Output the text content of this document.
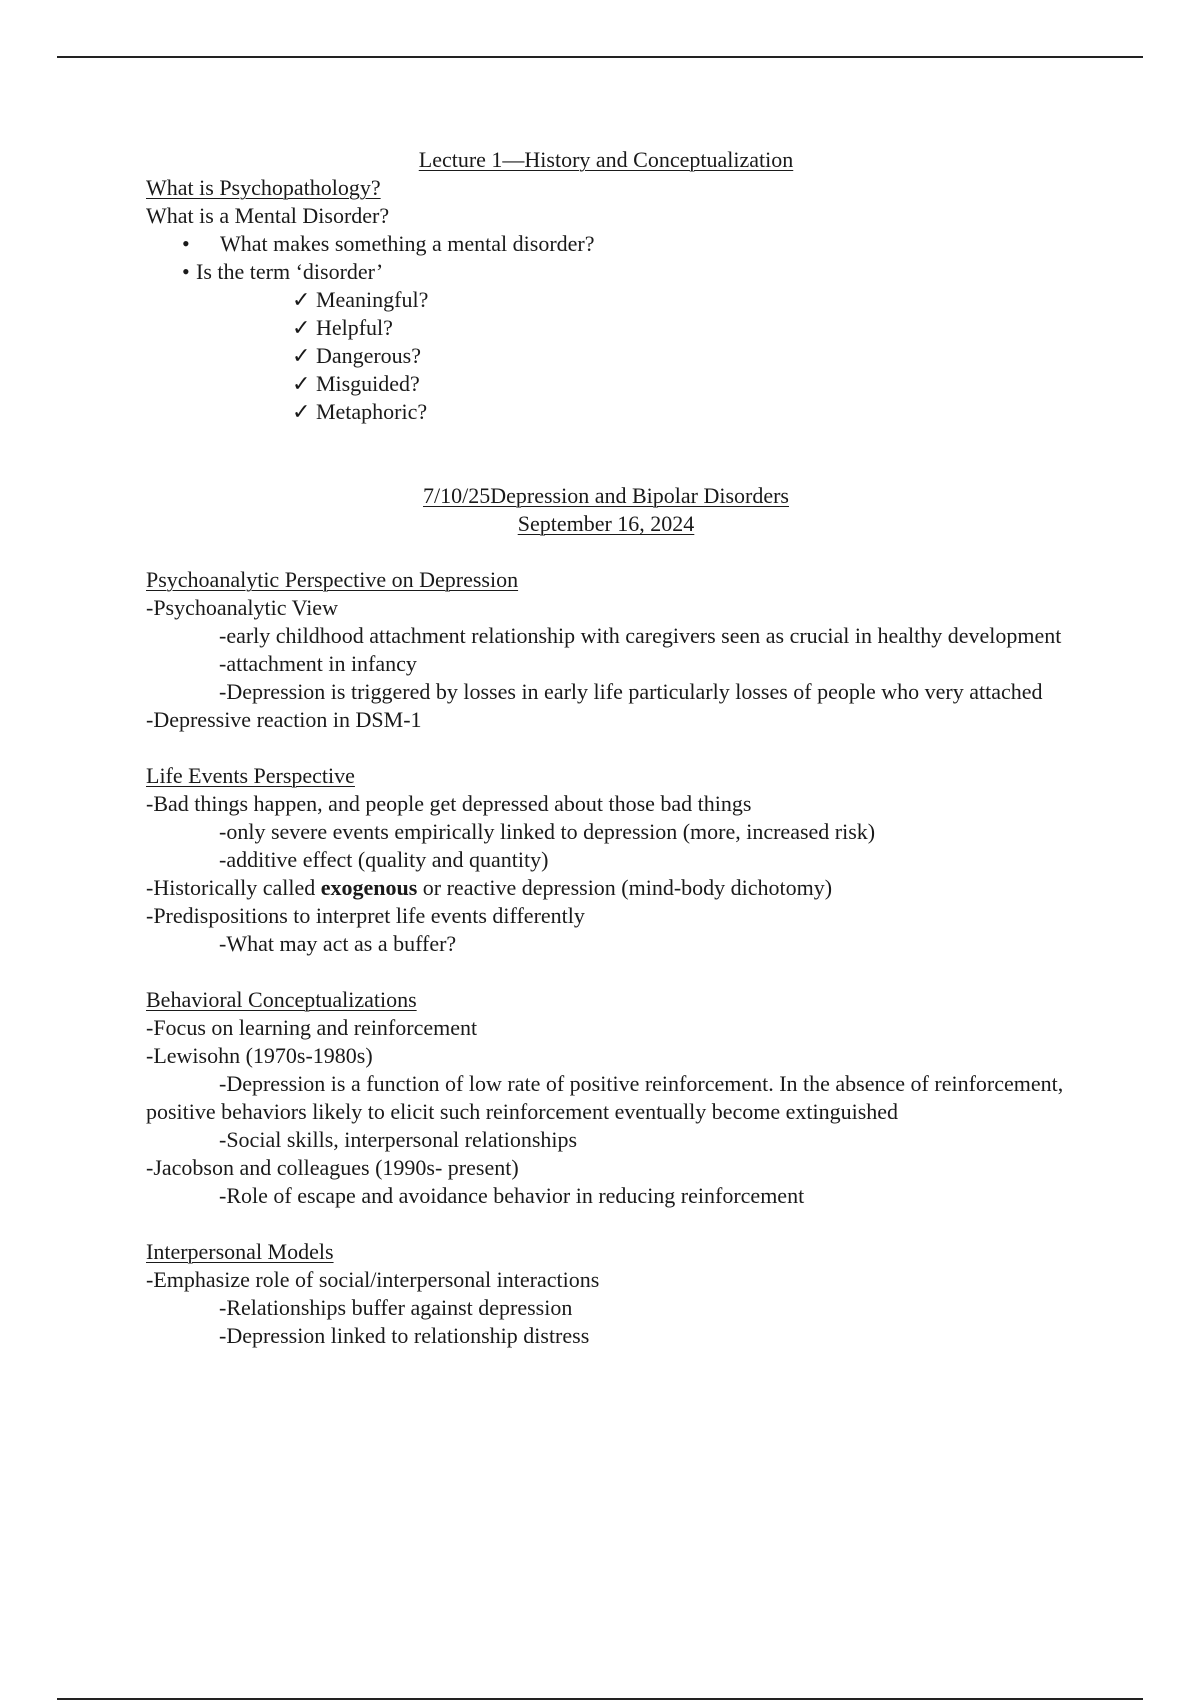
Lecture 1—History and Conceptualization
What is Psychopathology?
What is a Mental Disorder?
•	What makes something a mental disorder?
• Is the term ‘disorder’
✓ Meaningful?
✓ Helpful?
✓ Dangerous?
✓ Misguided?
✓ Metaphoric?
7/10/25Depression and Bipolar Disorders
September 16, 2024
Psychoanalytic Perspective on Depression
-Psychoanalytic View
-early childhood attachment relationship with caregivers seen as crucial in healthy development
-attachment in infancy
-Depression is triggered by losses in early life particularly losses of people who very attached
-Depressive reaction in DSM-1
Life Events Perspective
-Bad things happen, and people get depressed about those bad things
-only severe events empirically linked to depression (more, increased risk)
-additive effect (quality and quantity)
-Historically called exogenous or reactive depression (mind-body dichotomy)
-Predispositions to interpret life events differently
-What may act as a buffer?
Behavioral Conceptualizations
-Focus on learning and reinforcement
-Lewisohn (1970s-1980s)
-Depression is a function of low rate of positive reinforcement. In the absence of reinforcement, positive behaviors likely to elicit such reinforcement eventually become extinguished
-Social skills, interpersonal relationships
-Jacobson and colleagues (1990s- present)
-Role of escape and avoidance behavior in reducing reinforcement
Interpersonal Models
-Emphasize role of social/interpersonal interactions
-Relationships buffer against depression
-Depression linked to relationship distress
